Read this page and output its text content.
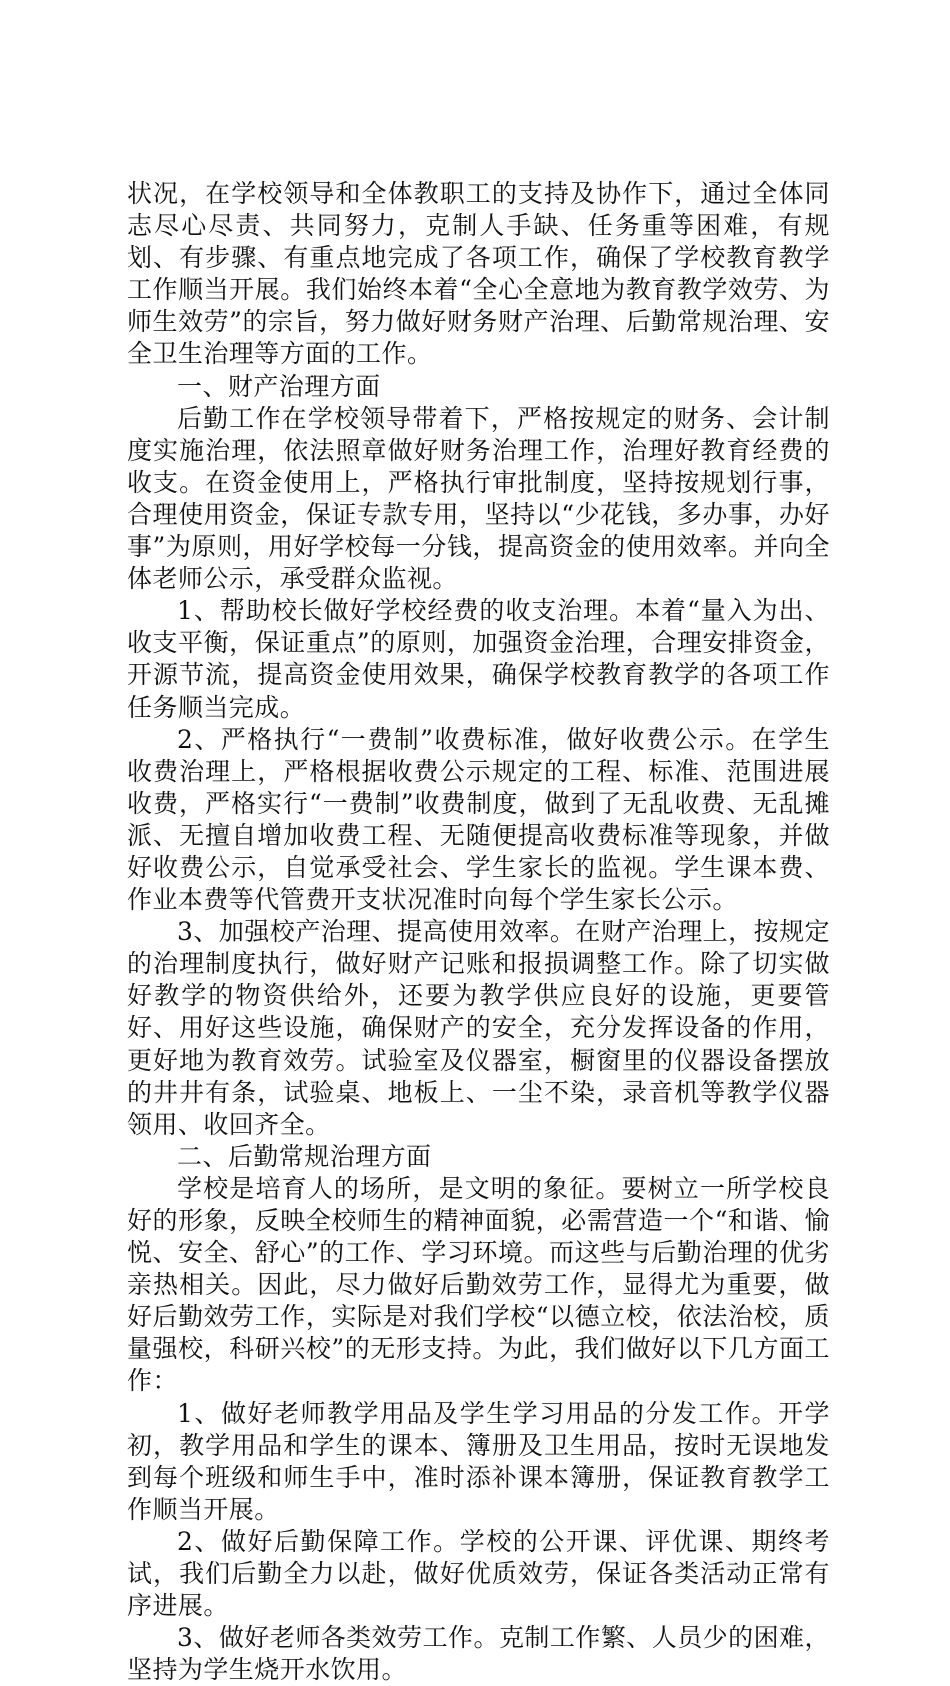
状况，在学校领导和全体教职工的支持及协作下，通过全体同志尽心尽责、共同努力，克制人手缺、任务重等困难，有规划、有步骤、有重点地完成了各项工作，确保了学校教育教学工作顺当开展。我们始终本着“全心全意地为教育教学效劳、为师生效劳”的宗旨，努力做好财务财产治理、后勤常规治理、安全卫生治理等方面的工作。

一、财产治理方面

后勤工作在学校领导带着下，严格按规定的财务、会计制度实施治理，依法照章做好财务治理工作，治理好教育经费的收支。在资金使用上，严格执行审批制度，坚持按规划行事，合理使用资金，保证专款专用，坚持以“少花钱，多办事，办好事”为原则，用好学校每一分钱，提高资金的使用效率。并向全体老师公示，承受群众监视。

1、帮助校长做好学校经费的收支治理。本着“量入为出、收支平衡，保证重点”的原则，加强资金治理，合理安排资金，开源节流，提高资金使用效果，确保学校教育教学的各项工作任务顺当完成。

2、严格执行“一费制”收费标准，做好收费公示。在学生收费治理上，严格根据收费公示规定的工程、标准、范围进展收费，严格实行“一费制”收费制度，做到了无乱收费、无乱摊派、无擅自增加收费工程、无随便提高收费标准等现象，并做好收费公示，自觉承受社会、学生家长的监视。学生课本费、作业本费等代管费开支状况准时向每个学生家长公示。

3、加强校产治理、提高使用效率。在财产治理上，按规定的治理制度执行，做好财产记账和报损调整工作。除了切实做好教学的物资供给外，还要为教学供应良好的设施，更要管好、用好这些设施，确保财产的安全，充分发挥设备的作用，更好地为教育效劳。试验室及仪器室，橱窗里的仪器设备摆放的井井有条，试验桌、地板上、一尘不染，录音机等教学仪器领用、收回齐全。

二、后勤常规治理方面

学校是培育人的场所，是文明的象征。要树立一所学校良好的形象，反映全校师生的精神面貌，必需营造一个“和谐、愉悦、安全、舒心”的工作、学习环境。而这些与后勤治理的优劣亲热相关。因此，尽力做好后勤效劳工作，显得尤为重要，做好后勤效劳工作，实际是对我们学校“以德立校，依法治校，质量强校，科研兴校”的无形支持。为此，我们做好以下几方面工作：

1、做好老师教学用品及学生学习用品的分发工作。开学初，教学用品和学生的课本、簿册及卫生用品，按时无误地发到每个班级和师生手中，准时添补课本簿册，保证教育教学工作顺当开展。

2、做好后勤保障工作。学校的公开课、评优课、期终考试，我们后勤全力以赴，做好优质效劳，保证各类活动正常有序进展。

3、做好老师各类效劳工作。克制工作繁、人员少的困难，坚持为学生烧开水饮用。
